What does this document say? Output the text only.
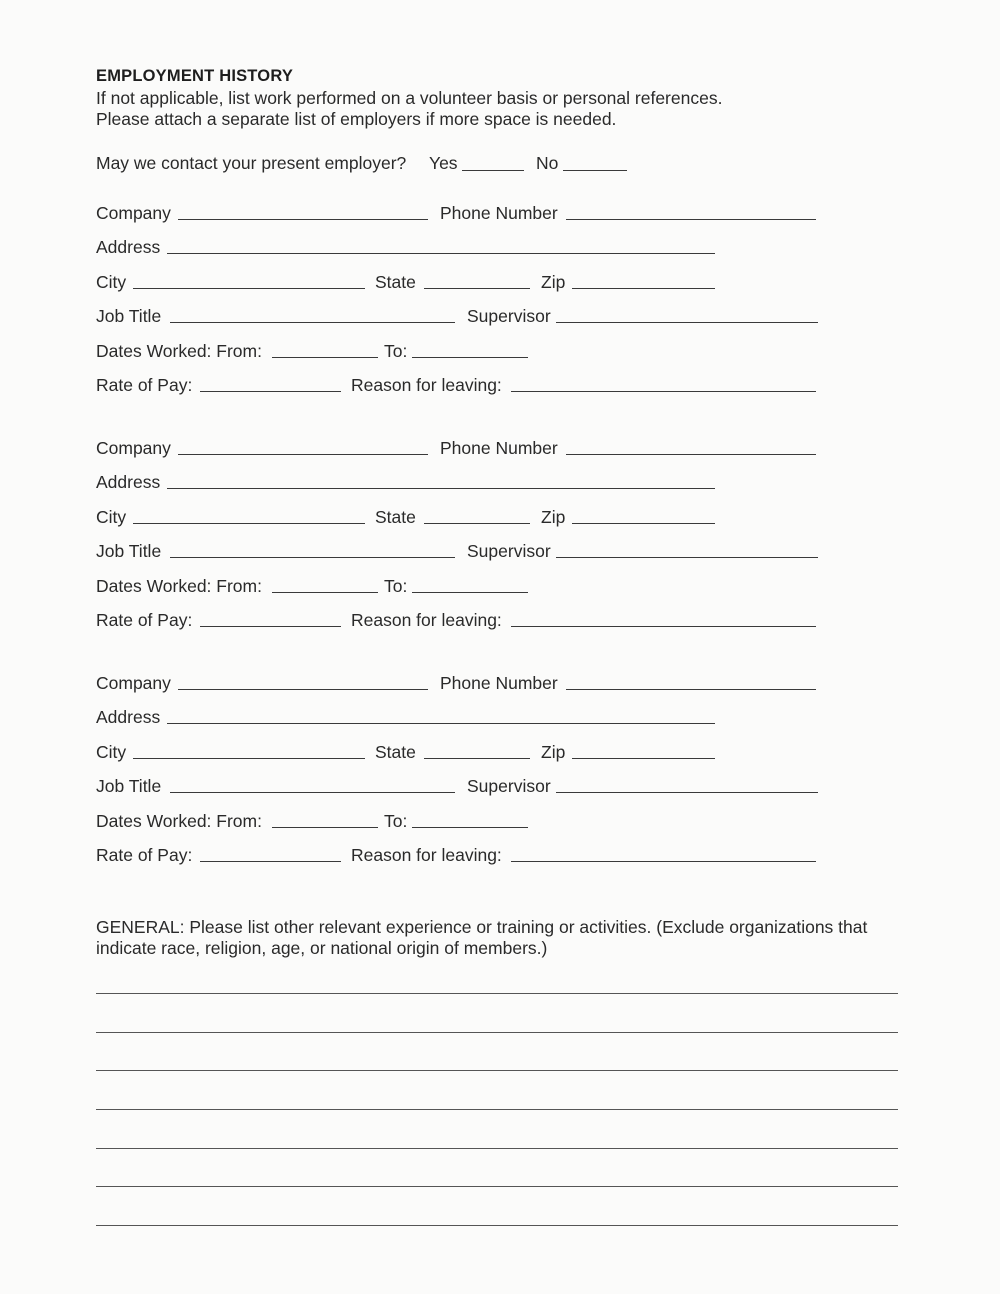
EMPLOYMENT HISTORY
If not applicable, list work performed on a volunteer basis or personal references.
Please attach a separate list of employers if more space is needed.
May we contact your present employer? Yes	No
Company	Phone Number
Address
City	State	Zip
Job Title	Supervisor
Dates Worked: From:	To:
Rate of Pay:	Reason for leaving:
Company	Phone Number
Address
City	State	Zip
Job Title	Supervisor
Dates Worked: From:	To:
Rate of Pay:	Reason for leaving:
Company	Phone Number
Address
City	State	Zip
Job Title	Supervisor
Dates Worked: From:	To:
Rate of Pay:	Reason for leaving:
GENERAL: Please list other relevant experience or training or activities. (Exclude organizations that
indicate race, religion, age, or national origin of members.)
